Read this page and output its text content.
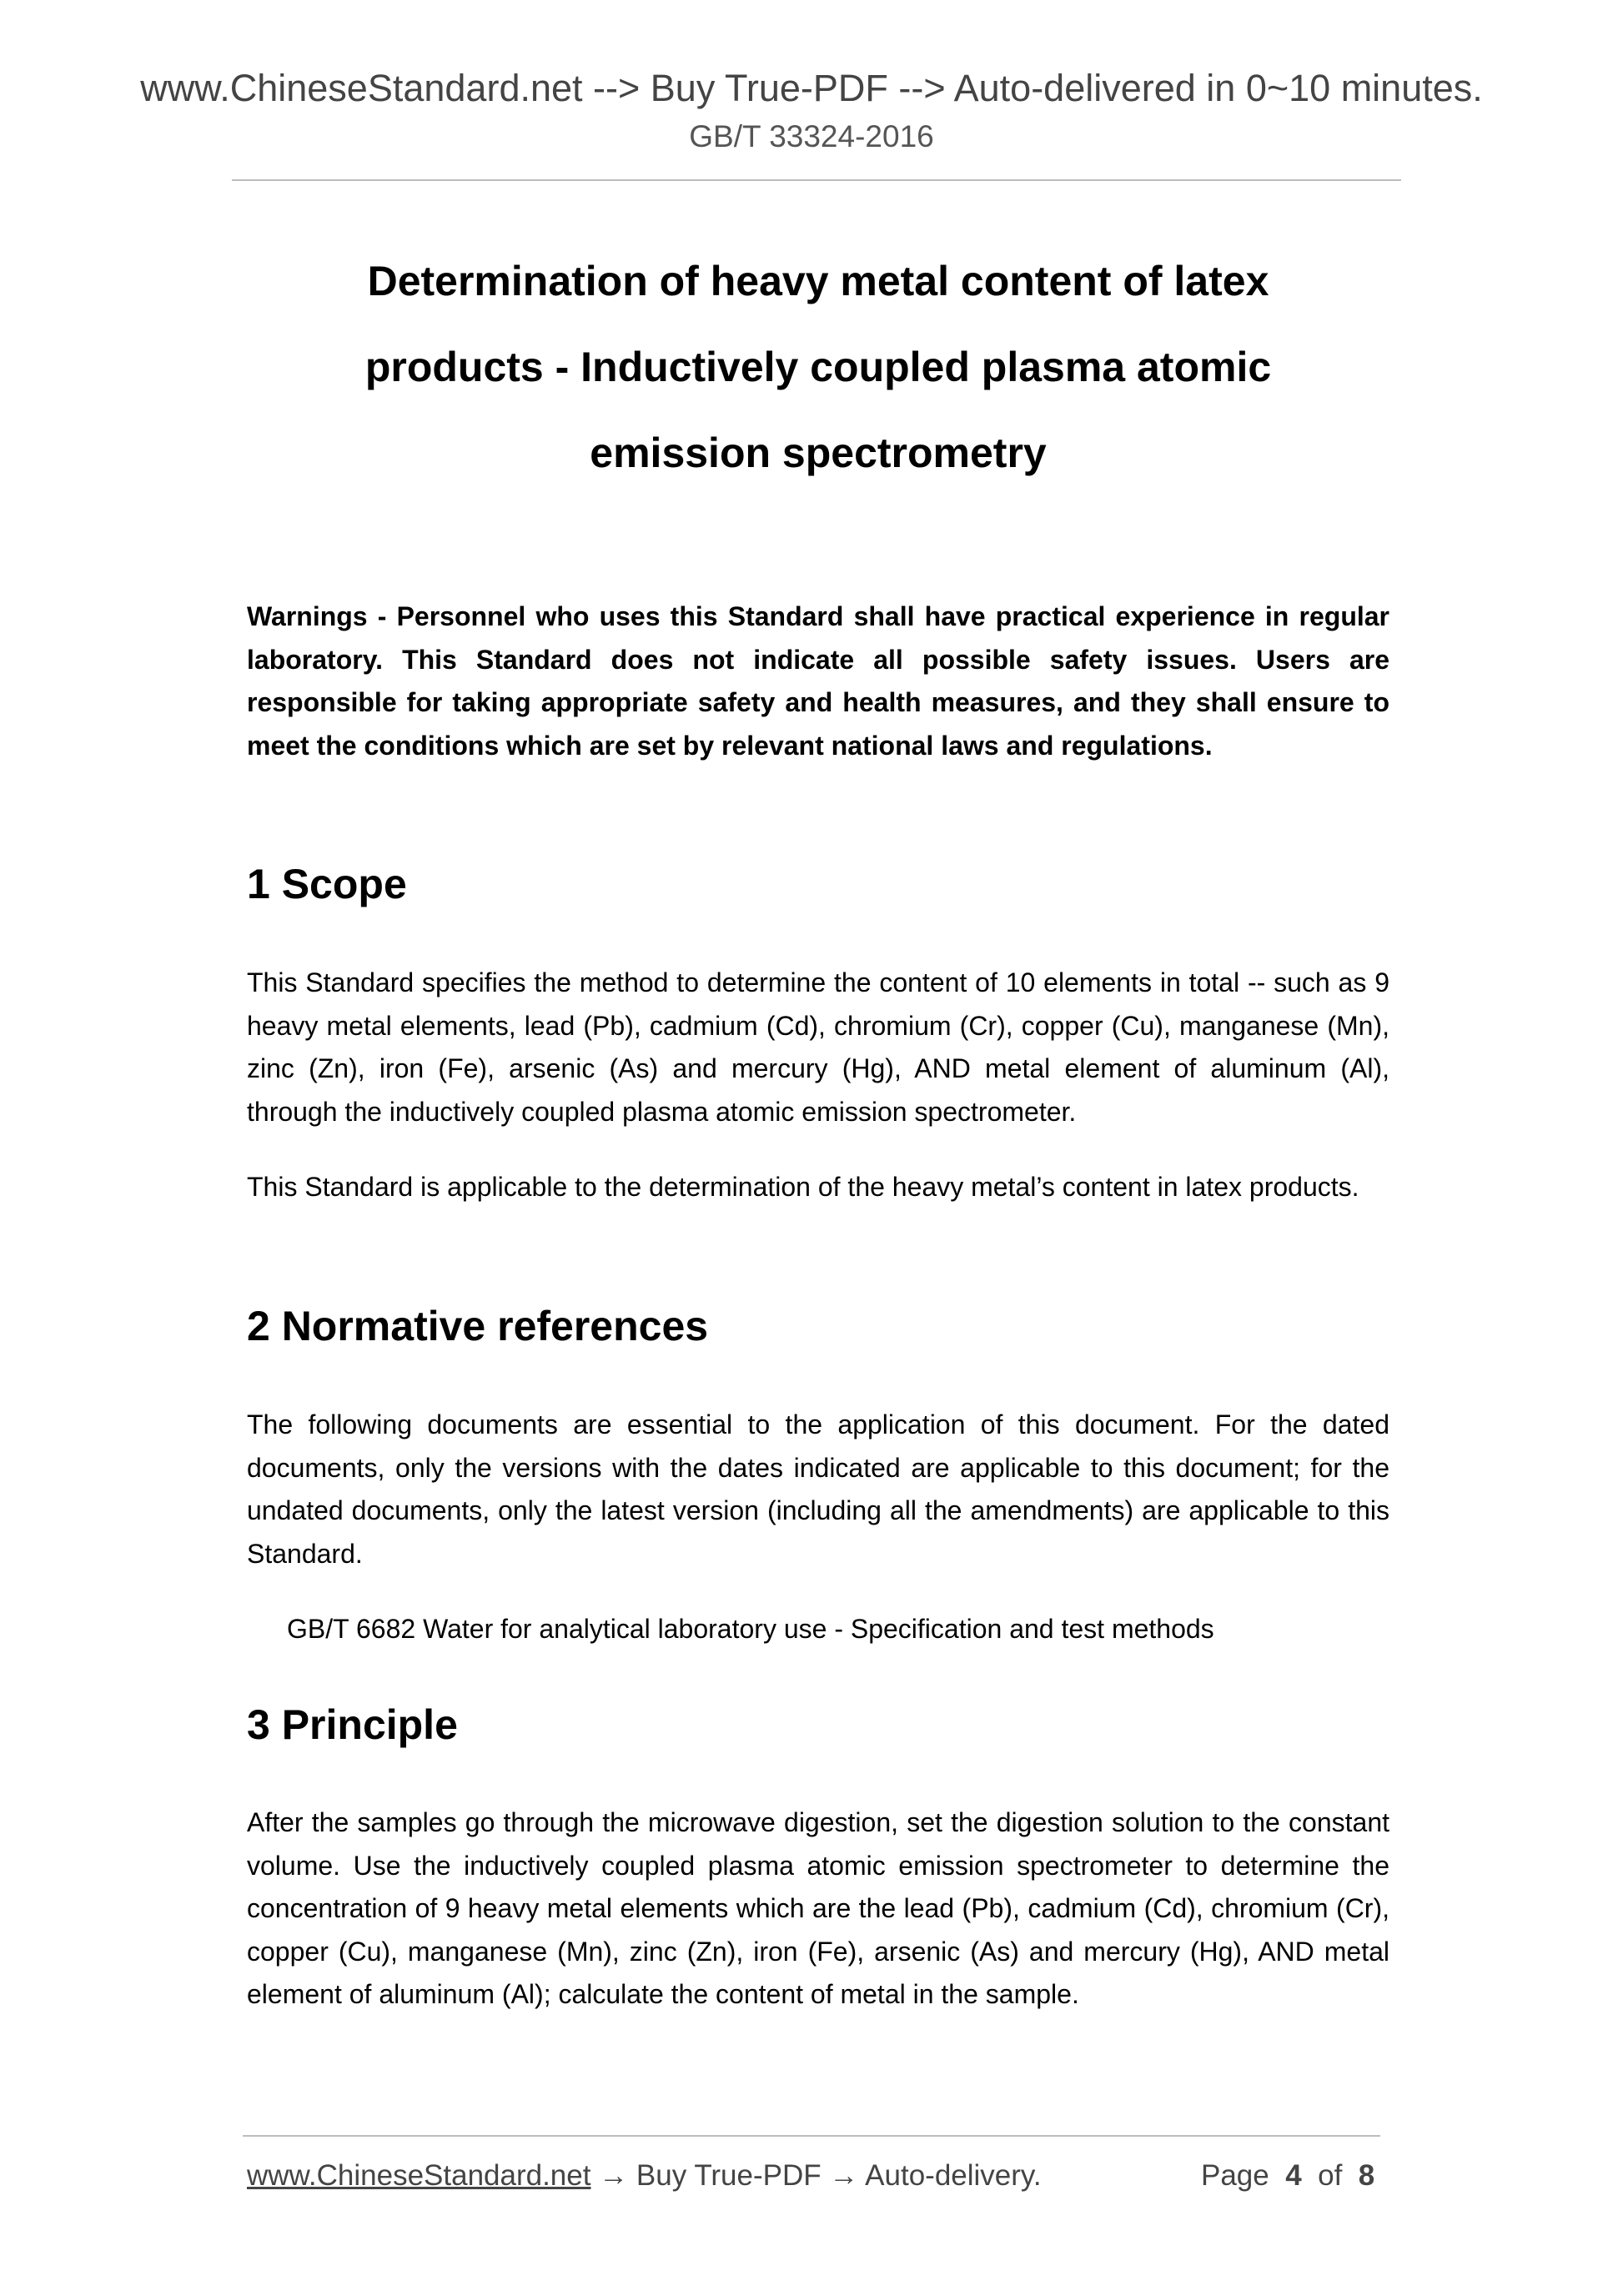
www.ChineseStandard.net --> Buy True-PDF --> Auto-delivered in 0~10 minutes.
GB/T 33324-2016
Determination of heavy metal content of latex
products - Inductively coupled plasma atomic
emission spectrometry
Warnings - Personnel who uses this Standard shall have practical experience in regular laboratory. This Standard does not indicate all possible safety issues. Users are responsible for taking appropriate safety and health measures, and they shall ensure to meet the conditions which are set by relevant national laws and regulations.
1 Scope
This Standard specifies the method to determine the content of 10 elements in total -- such as 9 heavy metal elements, lead (Pb), cadmium (Cd), chromium (Cr), copper (Cu), manganese (Mn), zinc (Zn), iron (Fe), arsenic (As) and mercury (Hg), AND metal element of aluminum (Al), through the inductively coupled plasma atomic emission spectrometer.
This Standard is applicable to the determination of the heavy metal’s content in latex products.
2 Normative references
The following documents are essential to the application of this document. For the dated documents, only the versions with the dates indicated are applicable to this document; for the undated documents, only the latest version (including all the amendments) are applicable to this Standard.
GB/T 6682 Water for analytical laboratory use - Specification and test methods
3 Principle
After the samples go through the microwave digestion, set the digestion solution to the constant volume. Use the inductively coupled plasma atomic emission spectrometer to determine the concentration of 9 heavy metal elements which are the lead (Pb), cadmium (Cd), chromium (Cr), copper (Cu), manganese (Mn), zinc (Zn), iron (Fe), arsenic (As) and mercury (Hg), AND metal element of aluminum (Al); calculate the content of metal in the sample.
www.ChineseStandard.net → Buy True-PDF → Auto-delivery.	Page 4 of 8
